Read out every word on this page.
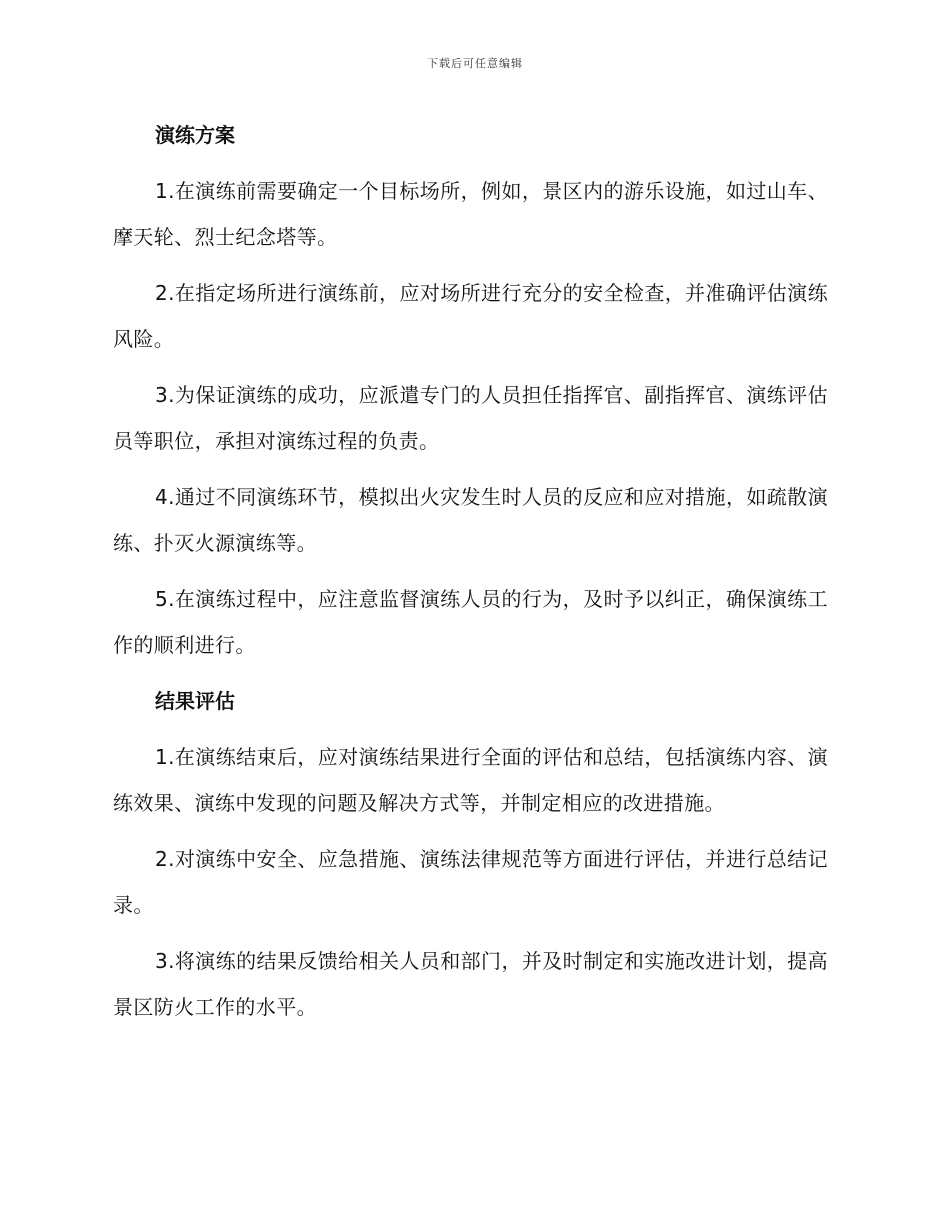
下载后可任意编辑
演练方案

1.在演练前需要确定一个目标场所，例如，景区内的游乐设施，如过山车、摩天轮、烈士纪念塔等。

2.在指定场所进行演练前，应对场所进行充分的安全检查，并准确评估演练风险。

3.为保证演练的成功，应派遣专门的人员担任指挥官、副指挥官、演练评估员等职位，承担对演练过程的负责。

4.通过不同演练环节，模拟出火灾发生时人员的反应和应对措施，如疏散演练、扑灭火源演练等。

5.在演练过程中，应注意监督演练人员的行为，及时予以纠正，确保演练工作的顺利进行。

结果评估

1.在演练结束后，应对演练结果进行全面的评估和总结，包括演练内容、演练效果、演练中发现的问题及解决方式等，并制定相应的改进措施。

2.对演练中安全、应急措施、演练法律规范等方面进行评估，并进行总结记录。

3.将演练的结果反馈给相关人员和部门，并及时制定和实施改进计划，提高景区防火工作的水平。
